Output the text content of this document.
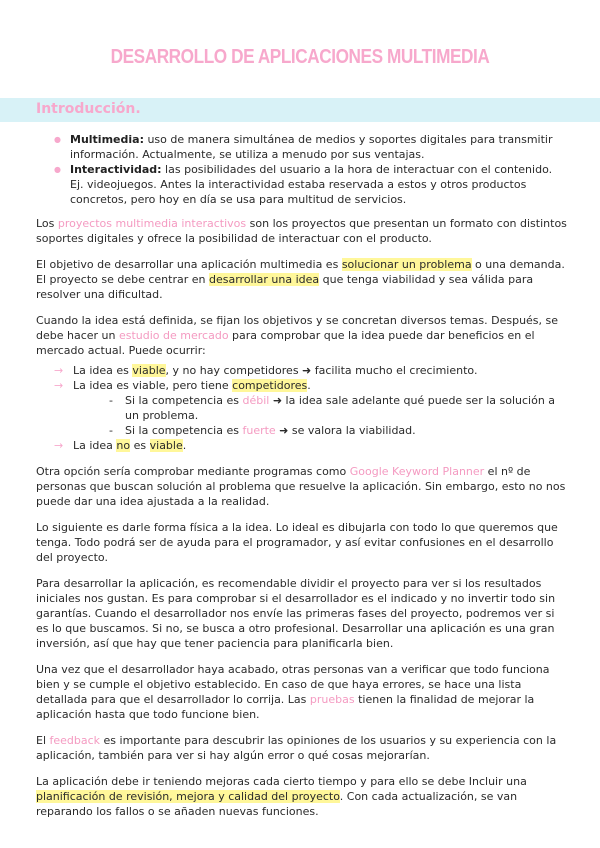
DESARROLLO DE APLICACIONES MULTIMEDIA
Introducción.
● Multimedia: uso de manera simultánea de medios y soportes digitales para transmitir información. Actualmente, se utiliza a menudo por sus ventajas.
● Interactividad: las posibilidades del usuario a la hora de interactuar con el contenido. Ej. videojuegos. Antes la interactividad estaba reservada a estos y otros productos concretos, pero hoy en día se usa para multitud de servicios.

Los proyectos multimedia interactivos son los proyectos que presentan un formato con distintos soportes digitales y ofrece la posibilidad de interactuar con el producto.

El objetivo de desarrollar una aplicación multimedia es solucionar un problema o una demanda. El proyecto se debe centrar en desarrollar una idea que tenga viabilidad y sea válida para resolver una dificultad.

Cuando la idea está definida, se fijan los objetivos y se concretan diversos temas. Después, se debe hacer un estudio de mercado para comprobar que la idea puede dar beneficios en el mercado actual. Puede ocurrir:

→ La idea es viable, y no hay competidores ➜ facilita mucho el crecimiento.
→ La idea es viable, pero tiene competidores.
- Si la competencia es débil ➜ la idea sale adelante qué puede ser la solución a un problema.
- Si la competencia es fuerte ➜ se valora la viabilidad.
→ La idea no es viable.

Otra opción sería comprobar mediante programas como Google Keyword Planner el nº de personas que buscan solución al problema que resuelve la aplicación. Sin embargo, esto no nos puede dar una idea ajustada a la realidad.

Lo siguiente es darle forma física a la idea. Lo ideal es dibujarla con todo lo que queremos que tenga. Todo podrá ser de ayuda para el programador, y así evitar confusiones en el desarrollo del proyecto.

Para desarrollar la aplicación, es recomendable dividir el proyecto para ver si los resultados iniciales nos gustan. Es para comprobar si el desarrollador es el indicado y no invertir todo sin garantías. Cuando el desarrollador nos envíe las primeras fases del proyecto, podremos ver si es lo que buscamos. Si no, se busca a otro profesional. Desarrollar una aplicación es una gran inversión, así que hay que tener paciencia para planificarla bien.

Una vez que el desarrollador haya acabado, otras personas van a verificar que todo funciona bien y se cumple el objetivo establecido. En caso de que haya errores, se hace una lista detallada para que el desarrollador lo corrija. Las pruebas tienen la finalidad de mejorar la aplicación hasta que todo funcione bien.

El feedback es importante para descubrir las opiniones de los usuarios y su experiencia con la aplicación, también para ver si hay algún error o qué cosas mejorarían.

La aplicación debe ir teniendo mejoras cada cierto tiempo y para ello se debe Incluir una planificación de revisión, mejora y calidad del proyecto. Con cada actualización, se van reparando los fallos o se añaden nuevas funciones.
